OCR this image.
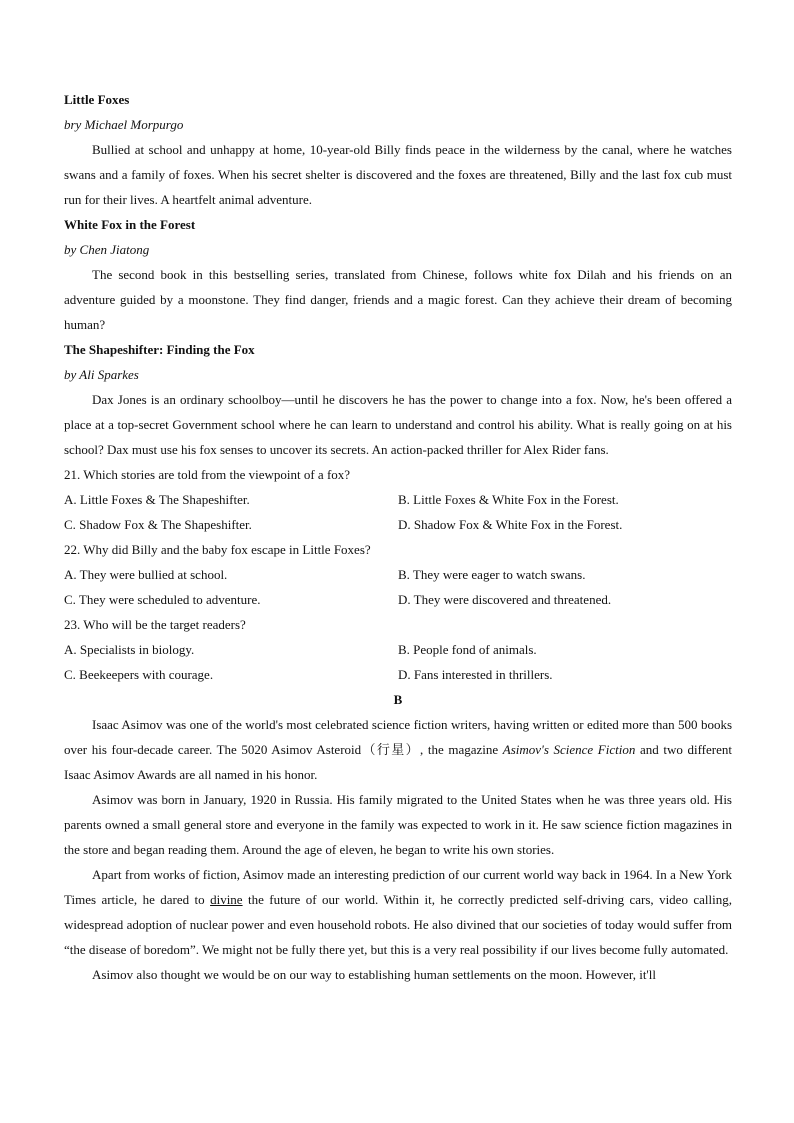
Little Foxes
bry Michael Morpurgo

Bullied at school and unhappy at home, 10-year-old Billy finds peace in the wilderness by the canal, where he watches swans and a family of foxes. When his secret shelter is discovered and the foxes are threatened, Billy and the last fox cub must run for their lives. A heartfelt animal adventure.

White Fox in the Forest
by Chen Jiatong

The second book in this bestselling series, translated from Chinese, follows white fox Dilah and his friends on an adventure guided by a moonstone. They find danger, friends and a magic forest. Can they achieve their dream of becoming human?

The Shapeshifter: Finding the Fox
by Ali Sparkes

Dax Jones is an ordinary schoolboy—until he discovers he has the power to change into a fox. Now, he's been offered a place at a top-secret Government school where he can learn to understand and control his ability. What is really going on at his school? Dax must use his fox senses to uncover its secrets. An action-packed thriller for Alex Rider fans.

21. Which stories are told from the viewpoint of a fox?

A. Little Foxes & The Shapeshifter.	B. Little Foxes & White Fox in the Forest.
C. Shadow Fox & The Shapeshifter.	D. Shadow Fox & White Fox in the Forest.

22. Why did Billy and the baby fox escape in Little Foxes?

A. They were bullied at school.	B. They were eager to watch swans.
C. They were scheduled to adventure.	D. They were discovered and threatened.

23. Who will be the target readers?

A. Specialists in biology.	B. People fond of animals.
C. Beekeepers with courage.	D. Fans interested in thrillers.
B

Isaac Asimov was one of the world's most celebrated science fiction writers, having written or edited more than 500 books over his four-decade career. The 5020 Asimov Asteroid（行星）, the magazine Asimov's Science Fiction and two different Isaac Asimov Awards are all named in his honor.

Asimov was born in January, 1920 in Russia. His family migrated to the United States when he was three years old. His parents owned a small general store and everyone in the family was expected to work in it. He saw science fiction magazines in the store and began reading them. Around the age of eleven, he began to write his own stories.

Apart from works of fiction, Asimov made an interesting prediction of our current world way back in 1964. In a New York Times article, he dared to divine the future of our world. Within it, he correctly predicted self-driving cars, video calling, widespread adoption of nuclear power and even household robots. He also divined that our societies of today would suffer from “the disease of boredom”. We might not be fully there yet, but this is a very real possibility if our lives become fully automated.

Asimov also thought we would be on our way to establishing human settlements on the moon. However, it'll
